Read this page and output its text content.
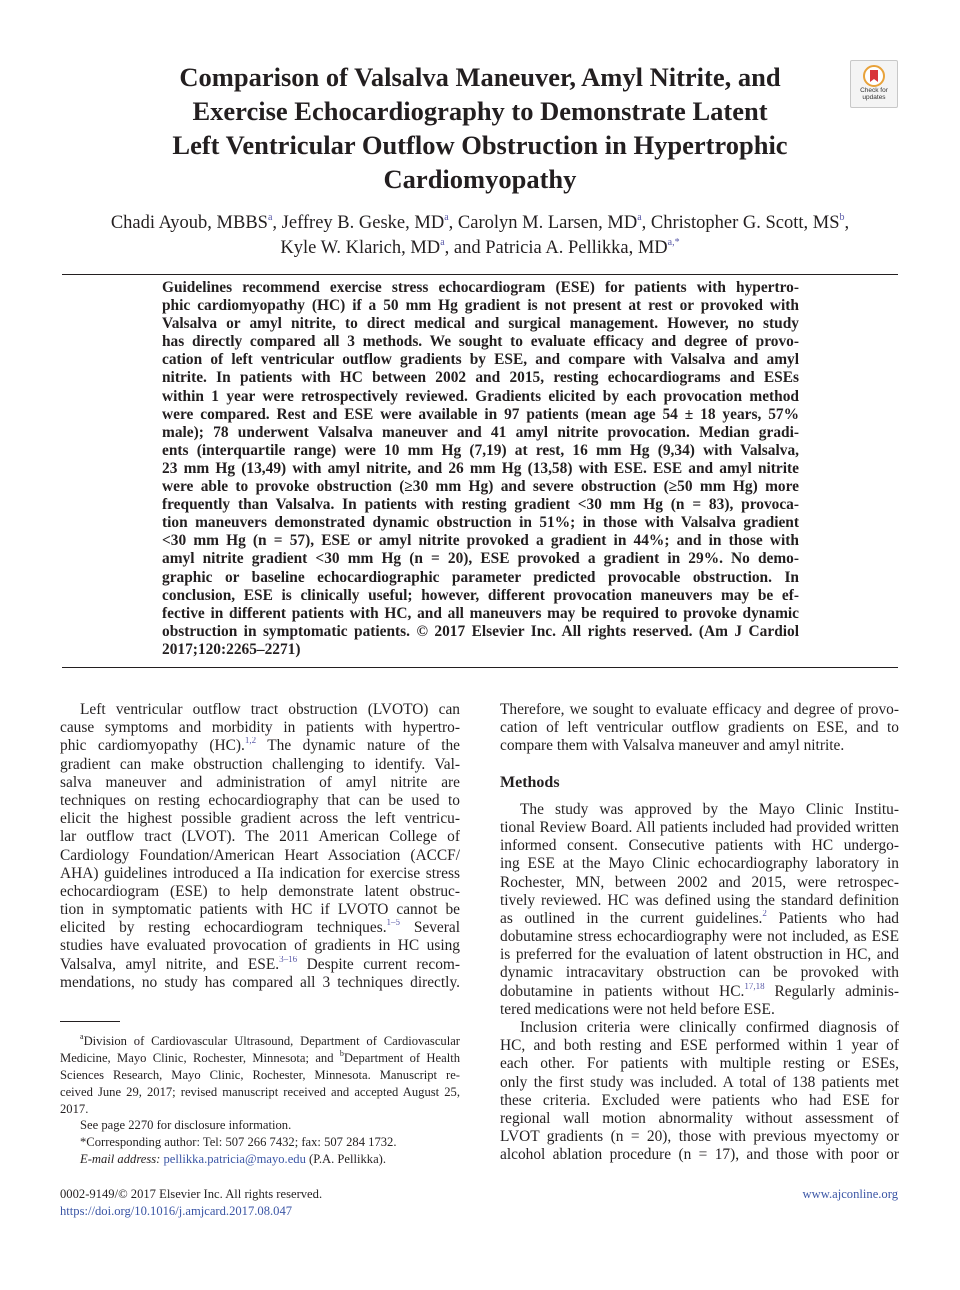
Comparison of Valsalva Maneuver, Amyl Nitrite, and
Exercise Echocardiography to Demonstrate Latent
Left Ventricular Outflow Obstruction in Hypertrophic
Cardiomyopathy
Check for
updates
Chadi Ayoub, MBBS$^a$, Jeffrey B. Geske, $MD^a$, Carolyn M. Larsen, $MD^a$, Christopher G. Scott, $MS^b$,
Kyle W. Klarich, $MD^a$, and Patricia A. Pellikka, $MD^{a,*}$
Guidelines recommend exercise stress echocardiogram (ESE) for patients with hypertro-
phic cardiomyopathy (HC) if a 50 mm Hg gradient is not present at rest or provoked with
Valsalva or amyl nitrite, to direct medical and surgical management. However, no study
has directly compared all 3 methods. We sought to evaluate efficacy and degree of provo-
cation of left ventricular outflow gradients by ESE, and compare with Valsalva and amyl
nitrite. In patients with HC between 2002 and 2015, resting echocardiograms and ESEs
within 1 year were retrospectively reviewed. Gradients elicited by each provocation method
were compared. Rest and ESE were available in 97 patients (mean age 54 ± 18 years, 57%
male); 78 underwent Valsalva maneuver and 41 amyl nitrite provocation. Median gradi-
ents (interquartile range) were 10 mm Hg (7,19) at rest, 16 mm Hg (9,34) with Valsalva,
23 mm Hg (13,49) with amyl nitrite, and 26 mm Hg (13,58) with ESE. ESE and amyl nitrite
were able to provoke obstruction (≥30 mm Hg) and severe obstruction (≥50 mm Hg) more
frequently than Valsalva. In patients with resting gradient <30 mm Hg (n = 83), provoca-
tion maneuvers demonstrated dynamic obstruction in 51%; in those with Valsalva gradient
<30 mm Hg (n = 57), ESE or amyl nitrite provoked a gradient in 44%; and in those with
amyl nitrite gradient <30 mm Hg (n = 20), ESE provoked a gradient in 29%. No demo-
graphic or baseline echocardiographic parameter predicted provocable obstruction. In
conclusion, ESE is clinically useful; however, different provocation maneuvers may be ef-
fective in different patients with HC, and all maneuvers may be required to provoke dynamic
obstruction in symptomatic patients. © 2017 Elsevier Inc. All rights reserved. (Am J Cardiol
2017;120:2265–2271)
Left ventricular outflow tract obstruction (LVOTO) can
cause symptoms and morbidity in patients with hypertro-
phic cardiomyopathy (HC).$^{1,2}$ The dynamic nature of the
gradient can make obstruction challenging to identify. Val-
salva maneuver and administration of amyl nitrite are
techniques on resting echocardiography that can be used to
elicit the highest possible gradient across the left ventricu-
lar outflow tract (LVOT). The 2011 American College of
Cardiology Foundation/American Heart Association (ACCF/
AHA) guidelines introduced a IIa indication for exercise stress
echocardiogram (ESE) to help demonstrate latent obstruc-
tion in symptomatic patients with HC if LVOTO cannot be
elicited by resting echocardiogram techniques.$^{1-5}$ Several
studies have evaluated provocation of gradients in HC using
Valsalva, amyl nitrite, and ESE.$^{3-16}$ Despite current recom-
mendations, no study has compared all 3 techniques directly.
$^a$Division of Cardiovascular Ultrasound, Department of Cardiovascular
Medicine, Mayo Clinic, Rochester, Minnesota; and $^b$Department of Health
Sciences Research, Mayo Clinic, Rochester, Minnesota. Manuscript re-
ceived June 29, 2017; revised manuscript received and accepted August 25,
2017.
See page 2270 for disclosure information.
*Corresponding author: Tel: 507 266 7432; fax: 507 284 1732.
E-mail address: pellikka.patricia@mayo.edu (P.A. Pellikka).
Therefore, we sought to evaluate efficacy and degree of provo-
cation of left ventricular outflow gradients on ESE, and to
compare them with Valsalva maneuver and amyl nitrite.
Methods
The study was approved by the Mayo Clinic Institu-
tional Review Board. All patients included had provided written
informed consent. Consecutive patients with HC undergo-
ing ESE at the Mayo Clinic echocardiography laboratory in
Rochester, MN, between 2002 and 2015, were retrospec-
tively reviewed. HC was defined using the standard definition
as outlined in the current guidelines.$^2$ Patients who had
dobutamine stress echocardiography were not included, as ESE
is preferred for the evaluation of latent obstruction in HC, and
dynamic intracavitary obstruction can be provoked with
dobutamine in patients without HC.$^{17,18}$ Regularly adminis-
tered medications were not held before ESE.
Inclusion criteria were clinically confirmed diagnosis of
HC, and both resting and ESE performed within 1 year of
each other. For patients with multiple resting or ESEs,
only the first study was included. A total of 138 patients met
these criteria. Excluded were patients who had ESE for
regional wall motion abnormality without assessment of
LVOT gradients (n = 20), those with previous myectomy or
alcohol ablation procedure (n = 17), and those with poor or
0002-9149/© 2017 Elsevier Inc. All rights reserved.
https://doi.org/10.1016/j.amjcard.2017.08.047
www.ajconline.org
